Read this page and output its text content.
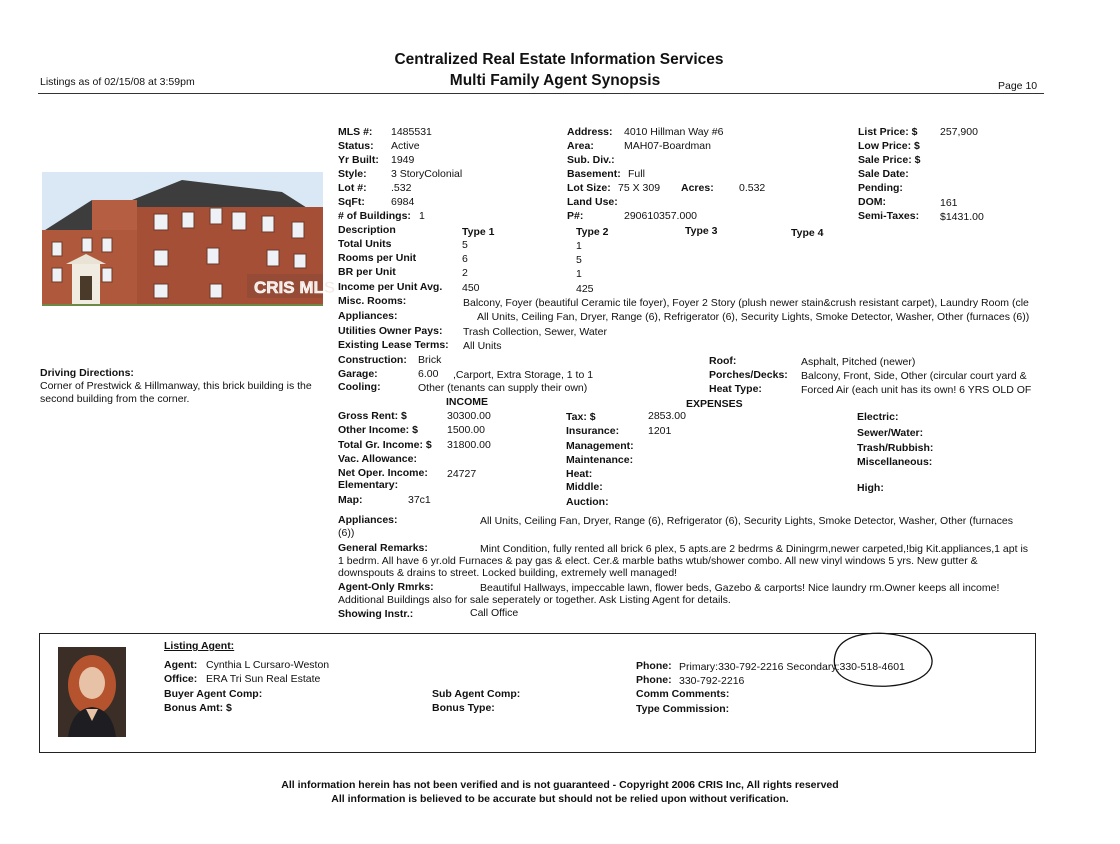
Centralized Real Estate Information Services
Multi Family Agent Synopsis
Listings as of 02/15/08 at 3:59pm	Page 10
CRIS MLS
Driving Directions:
Corner of Prestwick & Hillmanway, this brick building is the
second building from the corner.
MLS #: 1485531
Status: Active
Yr Built: 1949
Style: 3 StoryColonial
Lot #: .532
SqFt: 6984
# of Buildings: 1
Address: 4010 Hillman Way #6
Area:	MAH07-Boardman
Sub. Div.:
Basement: Full
Lot Size: 75 X 309 Acres: 0.532
Land Use:
P#:	290610357.000
List Price: $ 257,900
Low Price: $
Sale Price: $
Sale Date:
Pending:
DOM:	161
Semi-Taxes: $1431.00
Description	Type 1	Type 2	Type 3	Type 4
Total Units	5	1
Rooms per Unit	6	5
BR per Unit	2	1
Income per Unit Avg. 450	425
Misc. Rooms:	Balcony, Foyer (beautiful Ceramic tile foyer), Foyer 2 Story (plush newer stain&crush resistant carpet), Laundry Room (cle
Appliances:	All Units, Ceiling Fan, Dryer, Range (6), Refrigerator (6), Security Lights, Smoke Detector, Washer, Other (furnaces (6))
Utilities Owner Pays: Trash Collection, Sewer, Water
Existing Lease Terms: All Units
Construction: Brick
Garage:	6.00 ,Carport, Extra Storage, 1 to 1
Cooling:	Other (tenants can supply their own)
Roof:	Asphalt, Pitched (newer)
Porches/Decks: Balcony, Front, Side, Other (circular court yard &
Heat Type:	Forced Air (each unit has its own! 6 YRS OLD OF
INCOME	EXPENSES
Gross Rent: $	30300.00
Other Income: $	1500.00
Total Gr. Income: $ 31800.00
Vac. Allowance:
Net Oper. Income: 24727
Tax: $	2853.00
Insurance:	1201
Management:
Maintenance:
Heat:
Electric:
Sewer/Water:
Trash/Rubbish:
Miscellaneous:
Elementary:	Middle:	High:
Map:	37c1	Auction:
Appliances:	All Units, Ceiling Fan, Dryer, Range (6), Refrigerator (6), Security Lights, Smoke Detector, Washer, Other (furnaces
(6))
General Remarks:	Mint Condition, fully rented all brick 6 plex, 5 apts.are 2 bedrms & Diningrm,newer carpeted,!big Kit.appliances,1 apt is
1 bedrm. All have 6 yr.old Furnaces & pay gas & elect. Cer.& marble baths wtub/shower combo. All new vinyl windows 5 yrs. New gutter &
downspouts & drains to street. Locked building, extremely well managed!
Agent-Only Rmrks:	Beautiful Hallways, impeccable lawn, flower beds, Gazebo & carports! Nice laundry rm.Owner keeps all income!
Additional Buildings also for sale seperately or together. Ask Listing Agent for details.
Showing Instr.:	Call Office
Listing Agent:
Agent: Cynthia L Cursaro-Weston
Office: ERA Tri Sun Real Estate
Buyer Agent Comp:
Bonus Amt: $
Sub Agent Comp:
Bonus Type:
Phone: Primary:330-792-2216 Secondary:330-518-4601
Phone: 330-792-2216
Comm Comments:
Type Commission:
All information herein has not been verified and is not guaranteed - Copyright 2006 CRIS Inc, All rights reserved
All information is believed to be accurate but should not be relied upon without verification.
